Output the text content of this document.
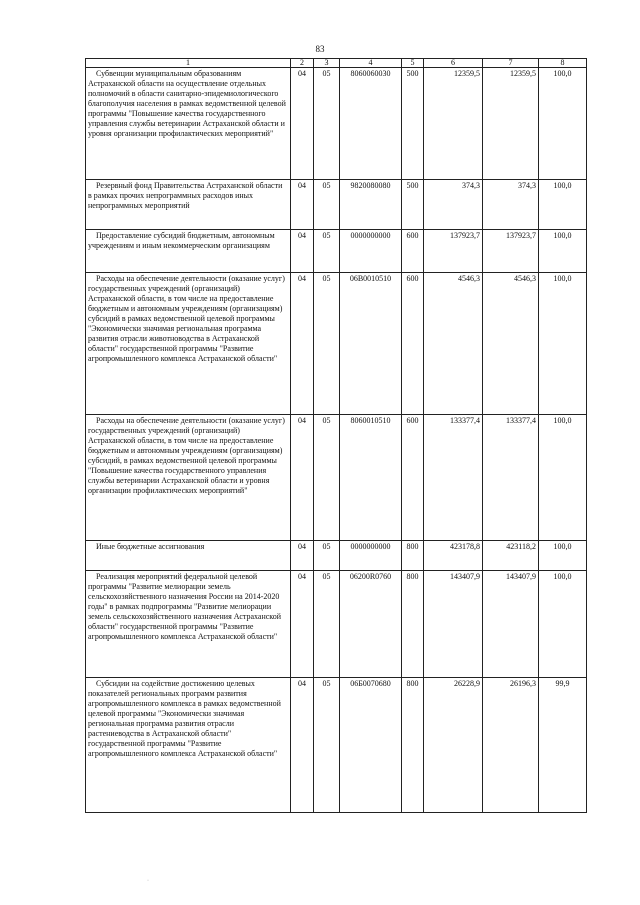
83
1	2	3	4	5	6	7	8
Субвенции муниципальным образованиям Астраханской области на осуществление отдельных полномочий в области санитарно-эпидемиологического благополучия населения в рамках ведомственной целевой программы "Повышение качества государственного управления службы ветеринарии Астраханской области и уровня организации профилактических мероприятий"	04	05	8060060030	500	12359,5	12359,5	100,0
Резервный фонд Правительства Астраханской области в рамках прочих непрограммных расходов иных непрограммных мероприятий	04	05	9820080080	500	374,3	374,3	100,0
Предоставление субсидий бюджетным, автономным учреждениям и иным некоммерческим организациям	04	05	0000000000	600	137923,7	137923,7	100,0
Расходы на обеспечение деятельности (оказание услуг) государственных учреждений (организаций) Астраханской области, в том числе на предоставление бюджетным и автономным учреждениям (организациям) субсидий в рамках ведомственной целевой программы "Экономически значимая региональная программа развития отрасли животноводства в Астраханской области" государственной программы "Развитие агропромышленного комплекса Астраханской области"	04	05	06В0010510	600	4546,3	4546,3	100,0
Расходы на обеспечение деятельности (оказание услуг) государственных учреждений (организаций) Астраханской области, в том числе на предоставление бюджетным и автономным учреждениям (организациям) субсидий, в рамках ведомственной целевой программы "Повышение качества государственного управления службы ветеринарии Астраханской области и уровня организации профилактических мероприятий"	04	05	8060010510	600	133377,4	133377,4	100,0
Иные бюджетные ассигнования	04	05	0000000000	800	423178,8	423118,2	100,0
Реализация мероприятий федеральной целевой программы "Развитие мелиорации земель сельскохозяйственного назначения России на 2014-2020 годы" в рамках подпрограммы "Развитие мелиорации земель сельскохозяйственного назначения Астраханской области" государственной программы "Развитие агропромышленного комплекса Астраханской области"	04	05	06200R0760	800	143407,9	143407,9	100,0
Субсидии на содействие достижению целевых показателей региональных программ развития агропромышленного комплекса в рамках ведомственной целевой программы "Экономически значимая региональная программа развития отрасли растениеводства в Астраханской области" государственной программы "Развитие агропромышленного комплекса Астраханской области"	04	05	06Б0070680	800	26228,9	26196,3	99,9
·
